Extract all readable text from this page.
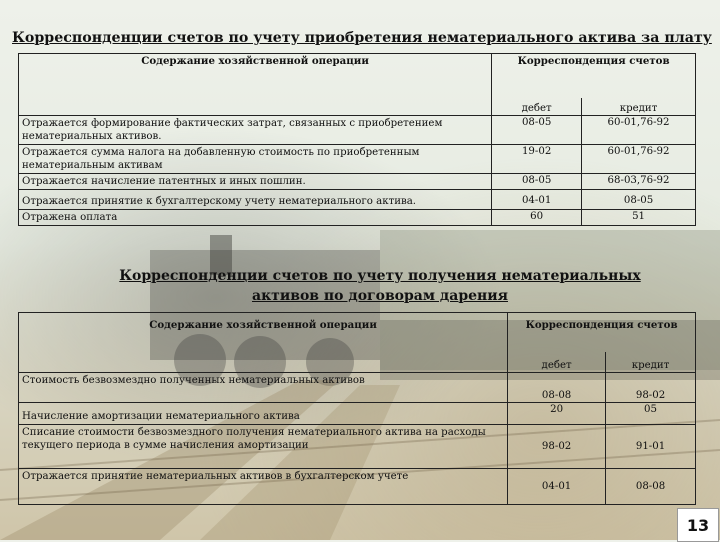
Корреспонденции счетов по учету приобретения нематериального актива за плату
Содержание хозяйственной операции	Корреспонденция счетов	
	дебет	кредит
Отражается формирование фактических затрат, связанных с приобретением нематериальных активов.	08-05	60-01,76-92
Отражается сумма налога на добавленную стоимость по приобретенным нематериальным активам	19-02	60-01,76-92
Отражается начисление патентных и иных пошлин.	08-05	68-03,76-92
Отражается принятие к бухгалтерскому учету нематериального актива.	04-01	08-05
Отражена оплата	60	51
Корреспонденции счетов по учету получения нематериальных
активов по договорам дарения
Содержание хозяйственной операции	Корреспонденция счетов	
	дебет	кредит
Стоимость безвозмездно полученных нематериальных активов	08-08	98-02
Начисление амортизации нематериального актива	20	05
Списание стоимости безвозмездного получения нематериального актива на расходы текущего периода в сумме начисления амортизации	98-02	91-01
Отражается принятие нематериальных активов в бухгалтерском учете	04-01	08-08
13
